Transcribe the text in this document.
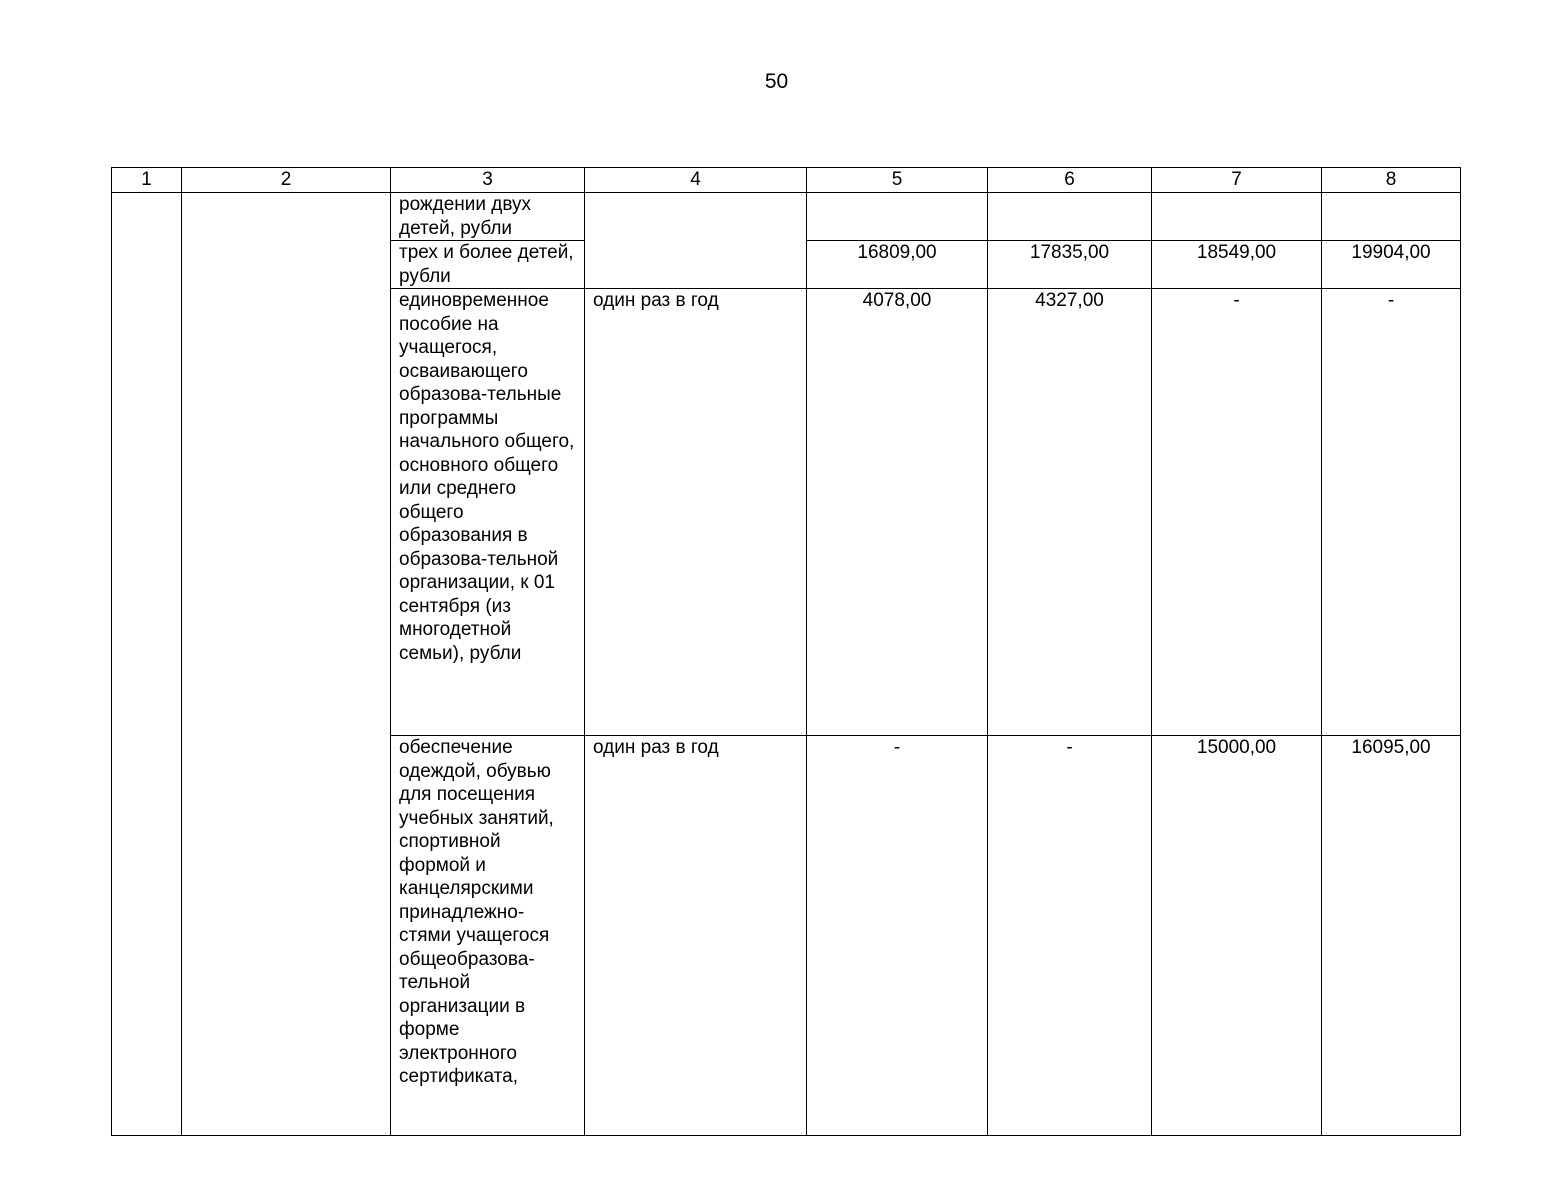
50
1	2	3	4	5	6	7	8
		рождении двух детей, рубли					
		трех и более детей, рубли		16809,00	17835,00	18549,00	19904,00
		единовременное пособие на учащегося, осваивающего образова-тельные программы начального общего, основного общего или среднего общего образования в образова-тельной организации, к 01 сентября (из многодетной семьи), рубли	один раз в год	4078,00	4327,00	-	-
		обеспечение одеждой, обувью для посещения учебных занятий, спортивной формой и канцелярскими принадлежно-стями учащегося общеобразова-тельной организации в форме электронного сертификата,	один раз в год	-	-	15000,00	16095,00
